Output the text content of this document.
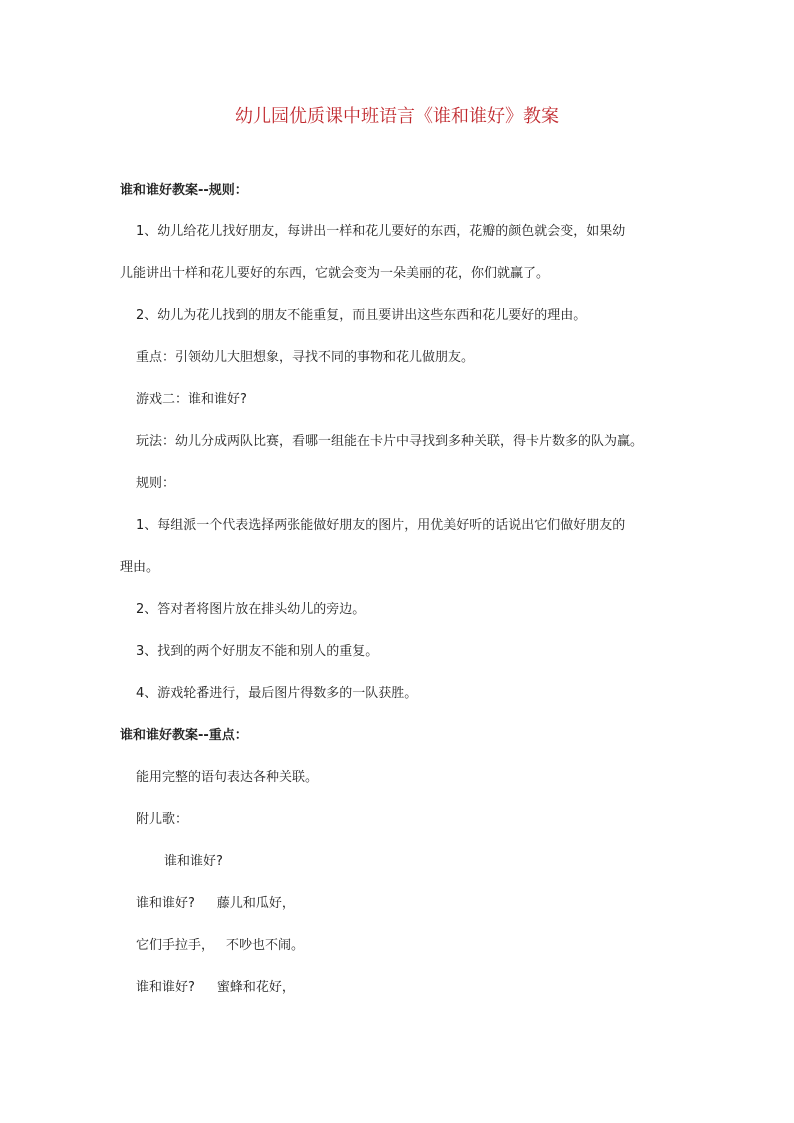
幼儿园优质课中班语言《谁和谁好》教案
谁和谁好教案--规则：
1、幼儿给花儿找好朋友，每讲出一样和花儿要好的东西，花瓣的颜色就会变，如果幼
儿能讲出十样和花儿要好的东西，它就会变为一朵美丽的花，你们就赢了。
2、幼儿为花儿找到的朋友不能重复，而且要讲出这些东西和花儿要好的理由。
重点：引领幼儿大胆想象，寻找不同的事物和花儿做朋友。
游戏二：谁和谁好?
玩法：幼儿分成两队比赛，看哪一组能在卡片中寻找到多种关联，得卡片数多的队为赢。
规则：
1、每组派一个代表选择两张能做好朋友的图片，用优美好听的话说出它们做好朋友的
理由。
2、答对者将图片放在排头幼儿的旁边。
3、找到的两个好朋友不能和别人的重复。
4、游戏轮番进行，最后图片得数多的一队获胜。
谁和谁好教案--重点：
能用完整的语句表达各种关联。
附儿歌：
谁和谁好?
谁和谁好? 藤儿和瓜好，
它们手拉手， 不吵也不闹。
谁和谁好? 蜜蜂和花好，
